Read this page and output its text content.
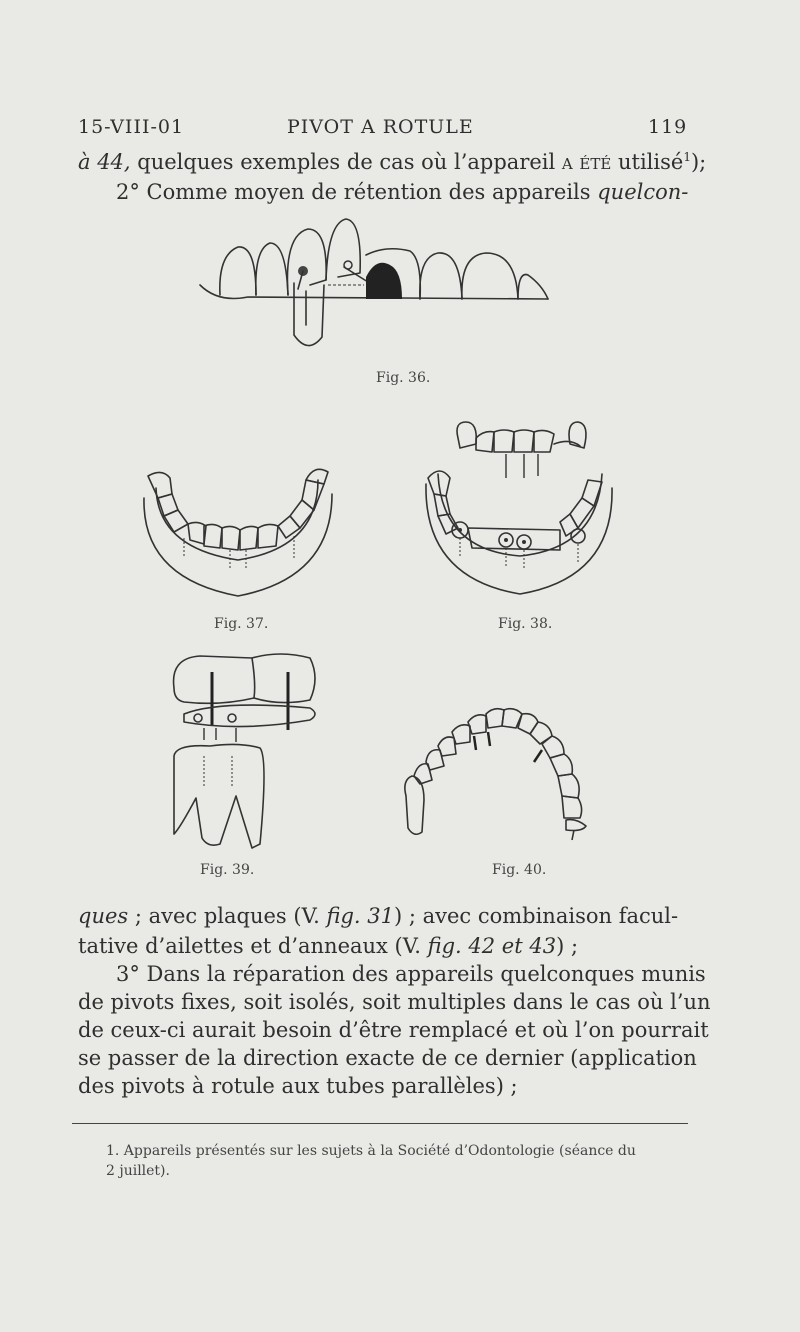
15-VIII-01	PIVOT A ROTULE	119
à 44, quelques exemples de cas où l’appareil a été utilisé$^1$);
2° Comme moyen de rétention des appareils quelcon-
Fig. 36.
Fig. 37.	Fig. 38.
Fig. 39.	Fig. 40.
ques ; avec plaques (V. fig. 31) ; avec combinaison facul-
tative d’ailettes et d’anneaux (V. fig. 42 et 43) ;
3° Dans la réparation des appareils quelconques munis
de pivots fixes, soit isolés, soit multiples dans le cas où l’un
de ceux-ci aurait besoin d’être remplacé et où l’on pourrait
se passer de la direction exacte de ce dernier (application
des pivots à rotule aux tubes parallèles) ;
1. Appareils présentés sur les sujets à la Société d’Odontologie (séance du
2 juillet).
